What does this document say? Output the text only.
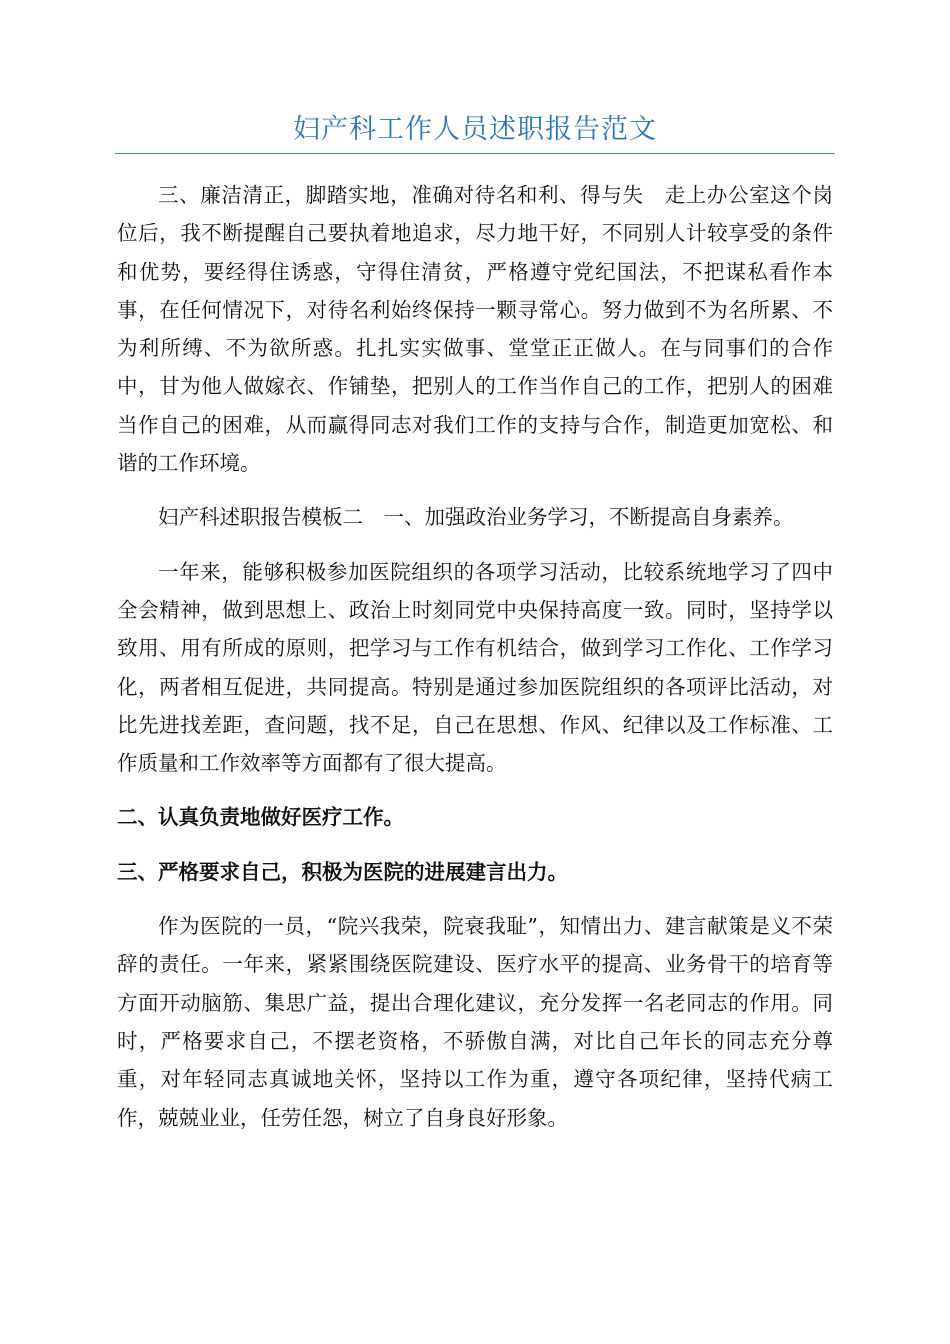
妇产科工作人员述职报告范文

三、廉洁清正，脚踏实地，准确对待名和利、得与失　走上办公室这个岗位后，我不断提醒自己要执着地追求，尽力地干好，不同别人计较享受的条件和优势，要经得住诱惑，守得住清贫，严格遵守党纪国法，不把谋私看作本事，在任何情况下，对待名利始终保持一颗寻常心。努力做到不为名所累、不为利所缚、不为欲所惑。扎扎实实做事、堂堂正正做人。在与同事们的合作中，甘为他人做嫁衣、作铺垫，把别人的工作当作自己的工作，把别人的困难当作自己的困难，从而赢得同志对我们工作的支持与合作，制造更加宽松、和谐的工作环境。

妇产科述职报告模板二　一、加强政治业务学习，不断提高自身素养。

一年来，能够积极参加医院组织的各项学习活动，比较系统地学习了四中全会精神，做到思想上、政治上时刻同党中央保持高度一致。同时，坚持学以致用、用有所成的原则，把学习与工作有机结合，做到学习工作化、工作学习化，两者相互促进，共同提高。特别是通过参加医院组织的各项评比活动，对比先进找差距，查问题，找不足，自己在思想、作风、纪律以及工作标准、工作质量和工作效率等方面都有了很大提高。

二、认真负责地做好医疗工作。

三、严格要求自己，积极为医院的进展建言出力。

作为医院的一员，“院兴我荣，院衰我耻”，知情出力、建言献策是义不荣辞的责任。一年来，紧紧围绕医院建设、医疗水平的提高、业务骨干的培育等方面开动脑筋、集思广益，提出合理化建议，充分发挥一名老同志的作用。同时，严格要求自己，不摆老资格，不骄傲自满，对比自己年长的同志充分尊重，对年轻同志真诚地关怀，坚持以工作为重，遵守各项纪律，坚持代病工作，兢兢业业，任劳任怨，树立了自身良好形象。
